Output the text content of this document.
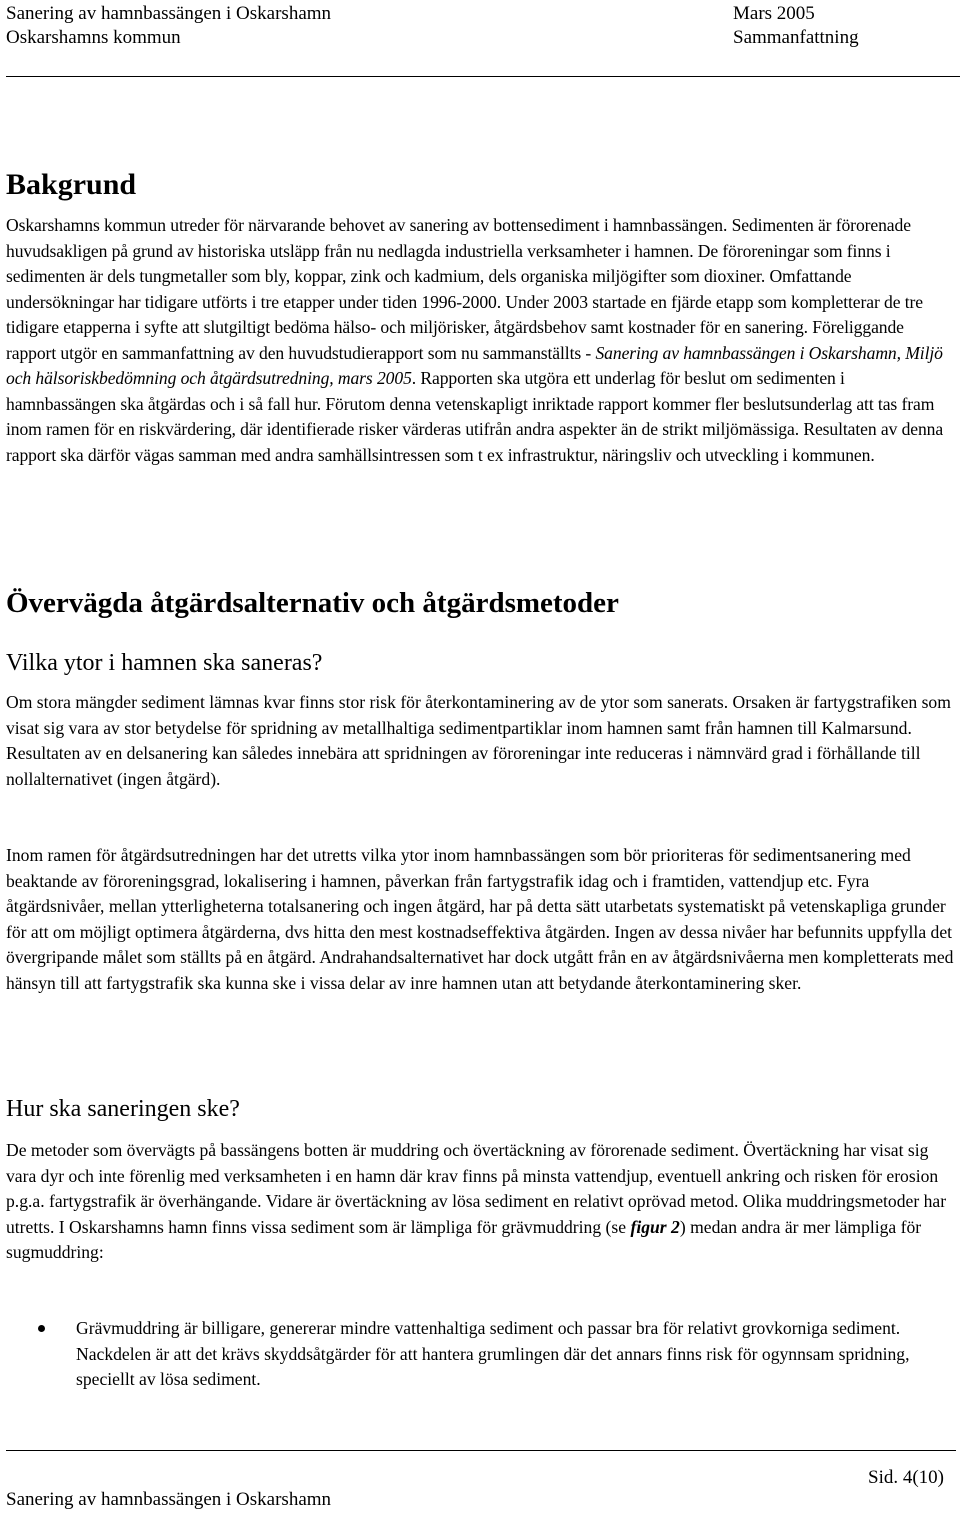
Sanering av hamnbassängen i Oskarshamn
Oskarshamns kommun
Mars 2005
Sammanfattning
Bakgrund
Oskarshamns kommun utreder för närvarande behovet av sanering av bottensediment i hamnbassängen. Sedimenten är förorenade huvudsakligen på grund av historiska utsläpp från nu nedlagda industriella verksamheter i hamnen. De föroreningar som finns i sedimenten är dels tungmetaller som bly, koppar, zink och kadmium, dels organiska miljögifter som dioxiner. Omfattande undersökningar har tidigare utförts i tre etapper under tiden 1996-2000. Under 2003 startade en fjärde etapp som kompletterar de tre tidigare etapperna i syfte att slutgiltigt bedöma hälso- och miljörisker, åtgärdsbehov samt kostnader för en sanering. Föreliggande rapport utgör en sammanfattning av den huvudstudierapport som nu sammanställts - Sanering av hamnbassängen i Oskarshamn, Miljö och hälsoriskbedömning och åtgärdsutredning, mars 2005. Rapporten ska utgöra ett underlag för beslut om sedimenten i hamnbassängen ska åtgärdas och i så fall hur. Förutom denna vetenskapligt inriktade rapport kommer fler beslutsunderlag att tas fram inom ramen för en riskvärdering, där identifierade risker värderas utifrån andra aspekter än de strikt miljömässiga. Resultaten av denna rapport ska därför vägas samman med andra samhällsintressen som t ex infrastruktur, näringsliv och utveckling i kommunen.
Övervägda åtgärdsalternativ och åtgärdsmetoder
Vilka ytor i hamnen ska saneras?
Om stora mängder sediment lämnas kvar finns stor risk för återkontaminering av de ytor som sanerats. Orsaken är fartygstrafiken som visat sig vara av stor betydelse för spridning av metallhaltiga sedimentpartiklar inom hamnen samt från hamnen till Kalmarsund. Resultaten av en delsanering kan således innebära att spridningen av föroreningar inte reduceras i nämnvärd grad i förhållande till nollalternativet (ingen åtgärd).
Inom ramen för åtgärdsutredningen har det utretts vilka ytor inom hamnbassängen som bör prioriteras för sedimentsanering med beaktande av föroreningsgrad, lokalisering i hamnen, påverkan från fartygstrafik idag och i framtiden, vattendjup etc. Fyra åtgärdsnivåer, mellan ytterligheterna totalsanering och ingen åtgärd, har på detta sätt utarbetats systematiskt på vetenskapliga grunder för att om möjligt optimera åtgärderna, dvs hitta den mest kostnadseffektiva åtgärden. Ingen av dessa nivåer har befunnits uppfylla det övergripande målet som ställts på en åtgärd. Andrahandsalternativet har dock utgått från en av åtgärdsnivåerna men kompletterats med hänsyn till att fartygstrafik ska kunna ske i vissa delar av inre hamnen utan att betydande återkontaminering sker.
Hur ska saneringen ske?
De metoder som övervägts på bassängens botten är muddring och övertäckning av förorenade sediment. Övertäckning har visat sig vara dyr och inte förenlig med verksamheten i en hamn där krav finns på minsta vattendjup, eventuell ankring och risken för erosion p.g.a. fartygstrafik är överhängande. Vidare är övertäckning av lösa sediment en relativt oprövad metod. Olika muddringsmetoder har utretts. I Oskarshamns hamn finns vissa sediment som är lämpliga för grävmuddring (se figur 2) medan andra är mer lämpliga för sugmuddring:
Grävmuddring är billigare, genererar mindre vattenhaltiga sediment och passar bra för relativt grovkorniga sediment. Nackdelen är att det krävs skyddsåtgärder för att hantera grumlingen där det annars finns risk för ogynnsam spridning, speciellt av lösa sediment.
Sid. 4(10)
Sanering av hamnbassängen i Oskarshamn
